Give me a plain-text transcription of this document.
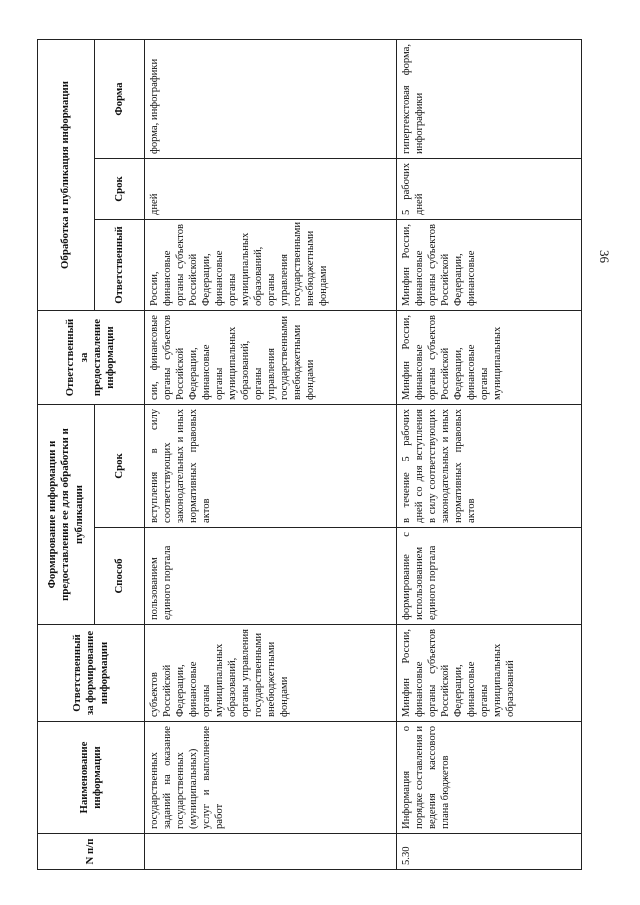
36
N п/п	Наименование информации	Ответственный за формирование информации	Формирование информации и предоставления ее для обработки и публикации		Ответственный за предоставление информации	Обработка и публикация информации		
			Способ	Срок		Ответственный	Срок	Форма
	государственных заданий на оказание государственных (муниципальных) услуг и выполнение работ	субъектов Российской Федерации, финансовые органы муниципальных образований, органы управления государственными внебюджетными фондами	пользованием единого портала	вступления в силу соответствующих законодательных и иных нормативных правовых актов	сии, финансовые органы субъектов Российской Федерации, финансовые органы муниципальных образований, органы управления государственными внебюджетными фондами	России, финансовые органы субъектов Российской Федерации, финансовые органы муниципальных образований, органы управления государственными внебюджетными фондами	дней	форма, инфографики
5.30	Информация о порядке составления и ведения кассового плана бюджетов	Минфин России, финансовые органы субъектов Российской Федерации, финансовые органы муниципальных образований	формирование с использованием единого портала	в течение 5 рабочих дней со дня вступления в силу соответствующих законодательных и иных нормативных правовых актов	Минфин России, финансовые органы субъектов Российской Федерации, финансовые органы муниципальных	Минфин России, финансовые органы субъектов Российской Федерации, финансовые	5 рабочих дней	гипертекстовая форма, инфографики
